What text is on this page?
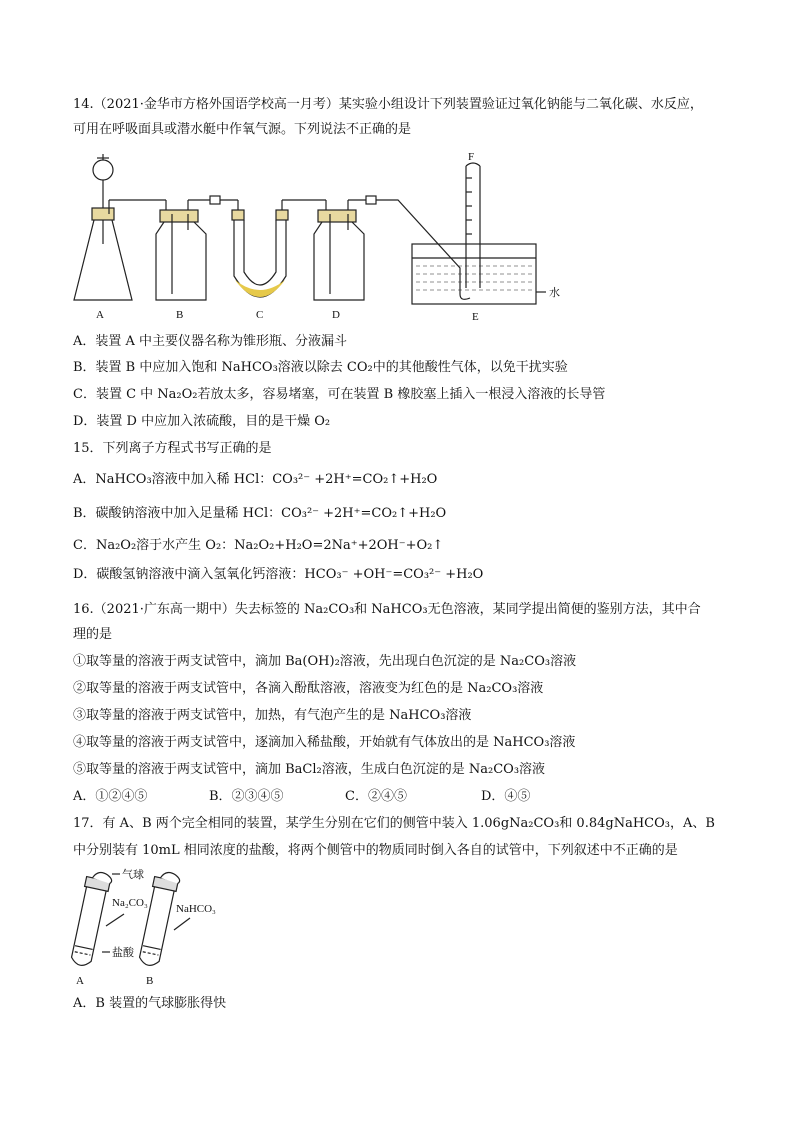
14.（2021·金华市方格外国语学校高一月考）某实验小组设计下列装置验证过氧化钠能与二氧化碳、水反应，
可用在呼吸面具或潜水艇中作氧气源。下列说法不正确的是
A	B	C	D	E
F
水
A．装置 A 中主要仪器名称为锥形瓶、分液漏斗
B．装置 B 中应加入饱和 NaHCO₃溶液以除去 CO₂中的其他酸性气体，以免干扰实验
C．装置 C 中 Na₂O₂若放太多，容易堵塞，可在装置 B 橡胶塞上插入一根浸入溶液的长导管
D．装置 D 中应加入浓硫酸，目的是干燥 O₂
15．下列离子方程式书写正确的是
A．NaHCO₃溶液中加入稀 HCl：CO₃²⁻ +2H⁺=CO₂↑+H₂O
B．碳酸钠溶液中加入足量稀 HCl：CO₃²⁻ +2H⁺=CO₂↑+H₂O
C．Na₂O₂溶于水产生 O₂：Na₂O₂+H₂O=2Na⁺+2OH⁻+O₂↑
D．碳酸氢钠溶液中滴入氢氧化钙溶液：HCO₃⁻ +OH⁻=CO₃²⁻ +H₂O
16.（2021·广东高一期中）失去标签的 Na₂CO₃和 NaHCO₃无色溶液，某同学提出简便的鉴别方法，其中合
理的是
①取等量的溶液于两支试管中，滴加 Ba(OH)₂溶液，先出现白色沉淀的是 Na₂CO₃溶液
②取等量的溶液于两支试管中，各滴入酚酞溶液，溶液变为红色的是 Na₂CO₃溶液
③取等量的溶液于两支试管中，加热，有气泡产生的是 NaHCO₃溶液
④取等量的溶液于两支试管中，逐滴加入稀盐酸，开始就有气体放出的是 NaHCO₃溶液
⑤取等量的溶液于两支试管中，滴加 BaCl₂溶液，生成白色沉淀的是 Na₂CO₃溶液
A．①②④⑤	B．②③④⑤	C．②④⑤	D．④⑤
17．有 A、B 两个完全相同的装置，某学生分别在它们的侧管中装入 1.06gNa₂CO₃和 0.84gNaHCO₃，A、B
中分别装有 10mL 相同浓度的盐酸，将两个侧管中的物质同时倒入各自的试管中，下列叙述中不正确的是
气球
Na₂CO₃	NaHCO₃
盐酸
A	B
A．B 装置的气球膨胀得快
